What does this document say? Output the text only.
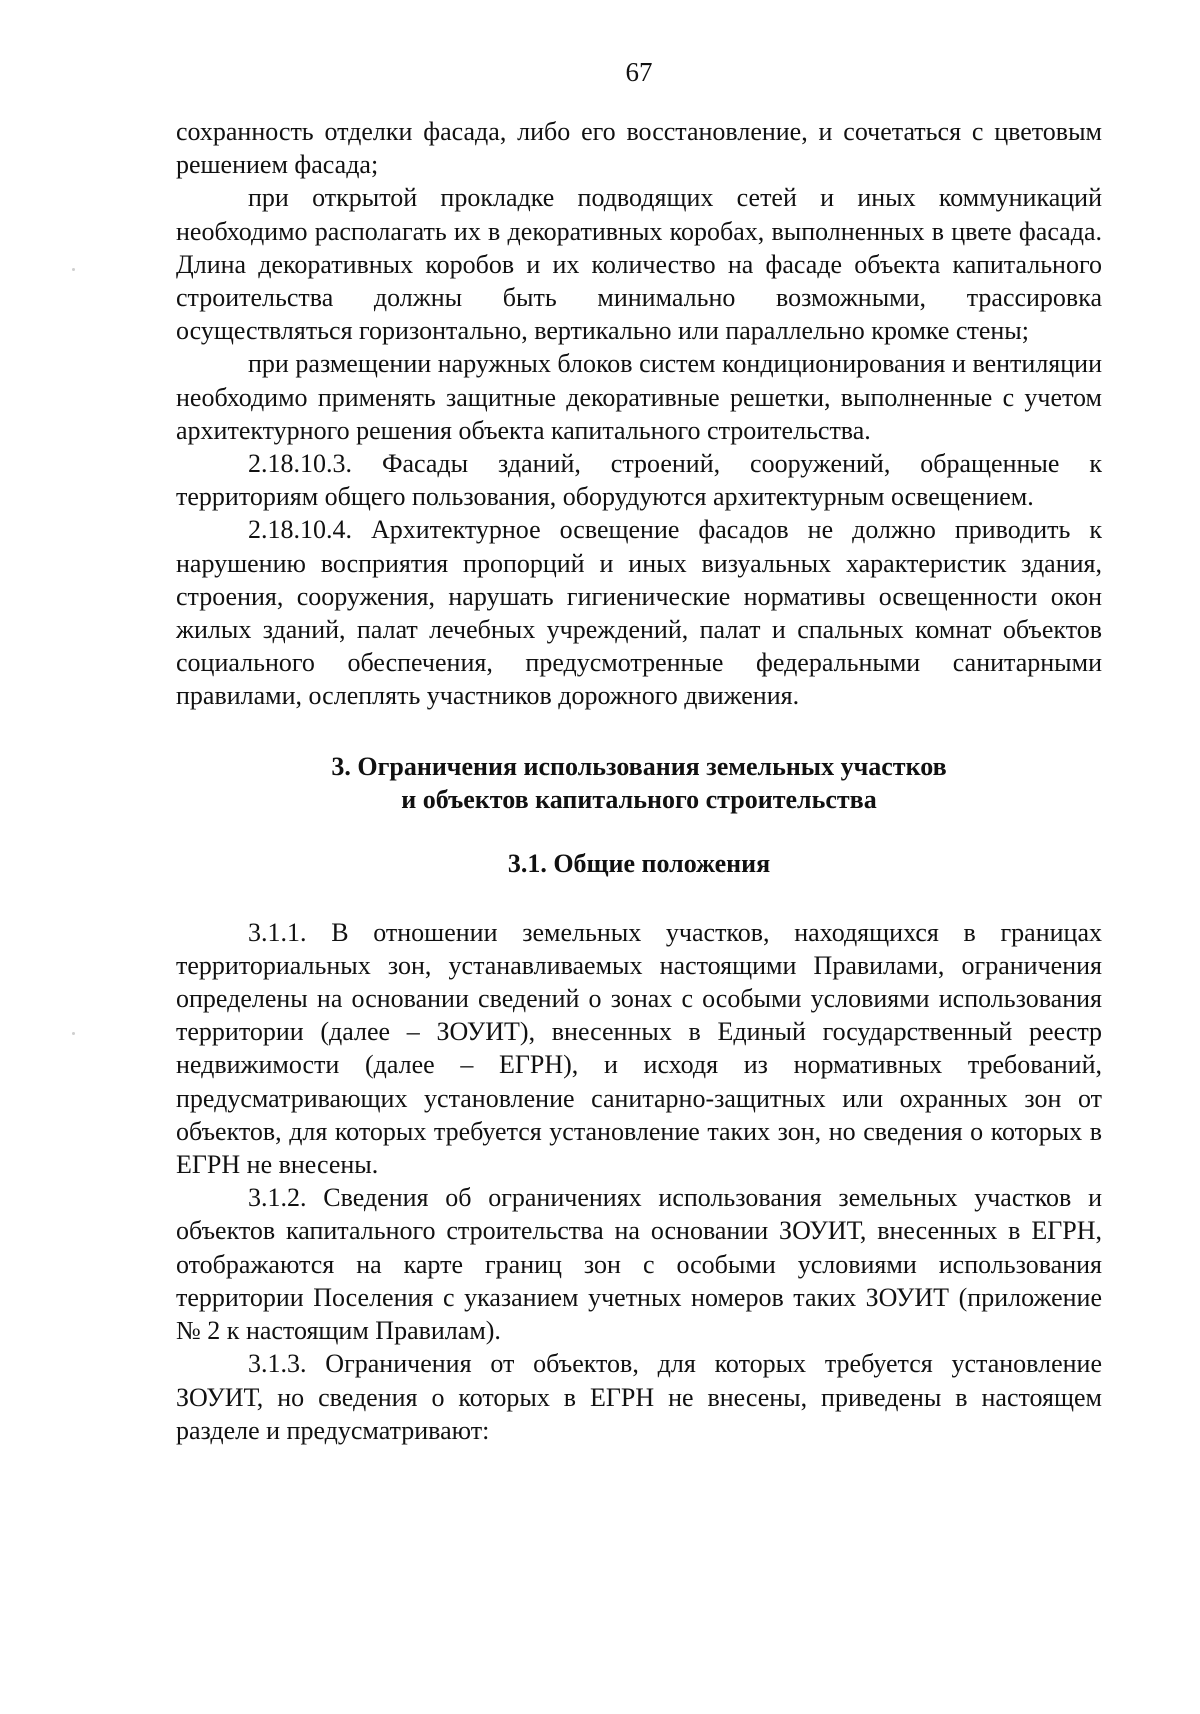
67

сохранность отделки фасада, либо его восстановление, и сочетаться с цветовым решением фасада;

при открытой прокладке подводящих сетей и иных коммуникаций необходимо располагать их в декоративных коробах, выполненных в цвете фасада. Длина декоративных коробов и их количество на фасаде объекта капитального строительства должны быть минимально возможными, трассировка осуществляться горизонтально, вертикально или параллельно кромке стены;

при размещении наружных блоков систем кондиционирования и вентиляции необходимо применять защитные декоративные решетки, выполненные с учетом архитектурного решения объекта капитального строительства.

2.18.10.3. Фасады зданий, строений, сооружений, обращенные к территориям общего пользования, оборудуются архитектурным освещением.

2.18.10.4. Архитектурное освещение фасадов не должно приводить к нарушению восприятия пропорций и иных визуальных характеристик здания, строения, сооружения, нарушать гигиенические нормативы освещенности окон жилых зданий, палат лечебных учреждений, палат и спальных комнат объектов социального обеспечения, предусмотренные федеральными санитарными правилами, ослеплять участников дорожного движения.

3. Ограничения использования земельных участков
и объектов капитального строительства
3.1. Общие положения

3.1.1. В отношении земельных участков, находящихся в границах территориальных зон, устанавливаемых настоящими Правилами, ограничения определены на основании сведений о зонах с особыми условиями использования территории (далее – ЗОУИТ), внесенных в Единый государственный реестр недвижимости (далее – ЕГРН), и исходя из нормативных требований, предусматривающих установление санитарно-защитных или охранных зон от объектов, для которых требуется установление таких зон, но сведения о которых в ЕГРН не внесены.

3.1.2. Сведения об ограничениях использования земельных участков и объектов капитального строительства на основании ЗОУИТ, внесенных в ЕГРН, отображаются на карте границ зон с особыми условиями использования территории Поселения с указанием учетных номеров таких ЗОУИТ (приложение № 2 к настоящим Правилам).

3.1.3. Ограничения от объектов, для которых требуется установление ЗОУИТ, но сведения о которых в ЕГРН не внесены, приведены в настоящем разделе и предусматривают:
